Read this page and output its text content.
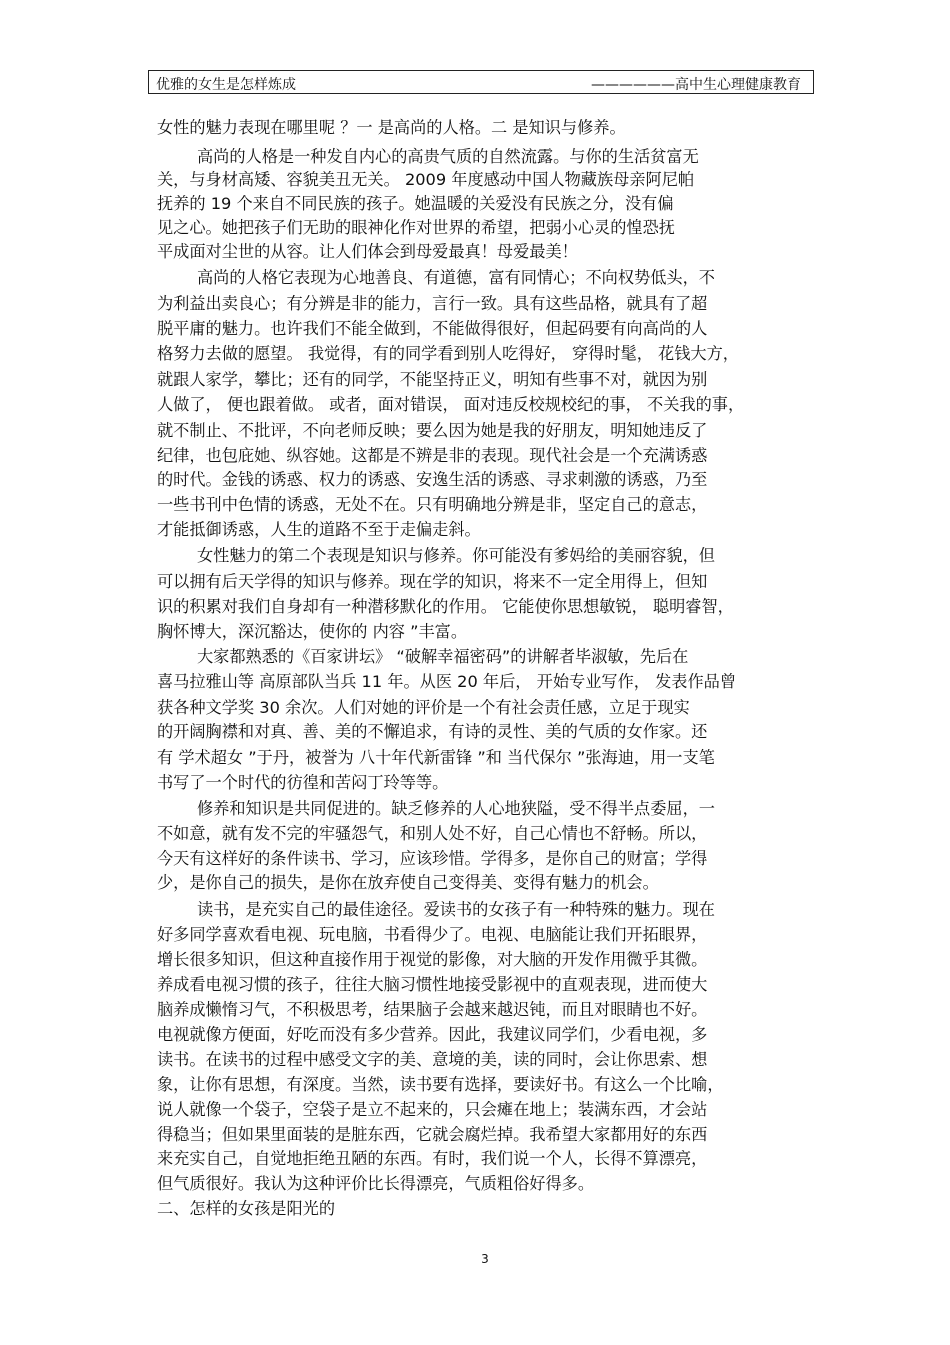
优雅的女生是怎样炼成	——————高中生心理健康教育
女性的魅力表现在哪里呢 ？一 是高尚的人格。二 是知识与修养。
高尚的人格是一种发自内心的高贵气质的自然流露。与你的生活贫富无
关，与身材高矮、容貌美丑无关。 2009 年度感动中国人物藏族母亲阿尼帕
抚养的 19 个来自不同民族的孩子。她温暖的关爱没有民族之分，没有偏
见之心。她把孩子们无助的眼神化作对世界的希望，把弱小心灵的惶恐抚
平成面对尘世的从容。让人们体会到母爱最真！母爱最美！
高尚的人格它表现为心地善良、有道德，富有同情心；不向权势低头，不
为利益出卖良心；有分辨是非的能力，言行一致。具有这些品格，就具有了超
脱平庸的魅力。也许我们不能全做到，不能做得很好，但起码要有向高尚的人
格努力去做的愿望。 我觉得，有的同学看到别人吃得好， 穿得时髦， 花钱大方，
就跟人家学，攀比；还有的同学，不能坚持正义，明知有些事不对，就因为别
人做了， 便也跟着做。 或者，面对错误， 面对违反校规校纪的事， 不关我的事，
就不制止、不批评，不向老师反映；要么因为她是我的好朋友，明知她违反了
纪律，也包庇她、纵容她。这都是不辨是非的表现。现代社会是一个充满诱惑
的时代。金钱的诱惑、权力的诱惑、安逸生活的诱惑、寻求刺激的诱惑，乃至
一些书刊中色情的诱惑，无处不在。只有明确地分辨是非，坚定自己的意志，
才能抵御诱惑，人生的道路不至于走偏走斜。
女性魅力的第二个表现是知识与修养。你可能没有爹妈给的美丽容貌，但
可以拥有后天学得的知识与修养。现在学的知识，将来不一定全用得上，但知
识的积累对我们自身却有一种潜移默化的作用。 它能使你思想敏锐， 聪明睿智，
胸怀博大，深沉豁达，使你的 内容 ”丰富。
大家都熟悉的《百家讲坛》 “破解幸福密码”的讲解者毕淑敏，先后在
喜马拉雅山等 高原部队当兵 11 年。从医 20 年后， 开始专业写作， 发表作品曾
获各种文学奖 30 余次。人们对她的评价是一个有社会责任感，立足于现实
的开阔胸襟和对真、善、美的不懈追求，有诗的灵性、美的气质的女作家。还
有 学术超女 ”于丹，被誉为 八十年代新雷锋 ”和 当代保尔 ”张海迪，用一支笔
书写了一个时代的彷徨和苦闷丁玲等等。
修养和知识是共同促进的。缺乏修养的人心地狭隘，受不得半点委屈，一
不如意，就有发不完的牢骚怨气，和别人处不好，自己心情也不舒畅。所以，
今天有这样好的条件读书、学习，应该珍惜。学得多，是你自己的财富；学得
少，是你自己的损失，是你在放弃使自己变得美、变得有魅力的机会。
读书，是充实自己的最佳途径。爱读书的女孩子有一种特殊的魅力。现在
好多同学喜欢看电视、玩电脑，书看得少了。电视、电脑能让我们开拓眼界，
增长很多知识，但这种直接作用于视觉的影像，对大脑的开发作用微乎其微。
养成看电视习惯的孩子，往往大脑习惯性地接受影视中的直观表现，进而使大
脑养成懒惰习气，不积极思考，结果脑子会越来越迟钝，而且对眼睛也不好。
电视就像方便面，好吃而没有多少营养。因此，我建议同学们，少看电视，多
读书。在读书的过程中感受文字的美、意境的美，读的同时，会让你思索、想
象，让你有思想，有深度。当然，读书要有选择，要读好书。有这么一个比喻，
说人就像一个袋子，空袋子是立不起来的，只会瘫在地上；装满东西，才会站
得稳当；但如果里面装的是脏东西，它就会腐烂掉。我希望大家都用好的东西
来充实自己，自觉地拒绝丑陋的东西。有时，我们说一个人，长得不算漂亮，
但气质很好。我认为这种评价比长得漂亮，气质粗俗好得多。
二、怎样的女孩是阳光的
3
